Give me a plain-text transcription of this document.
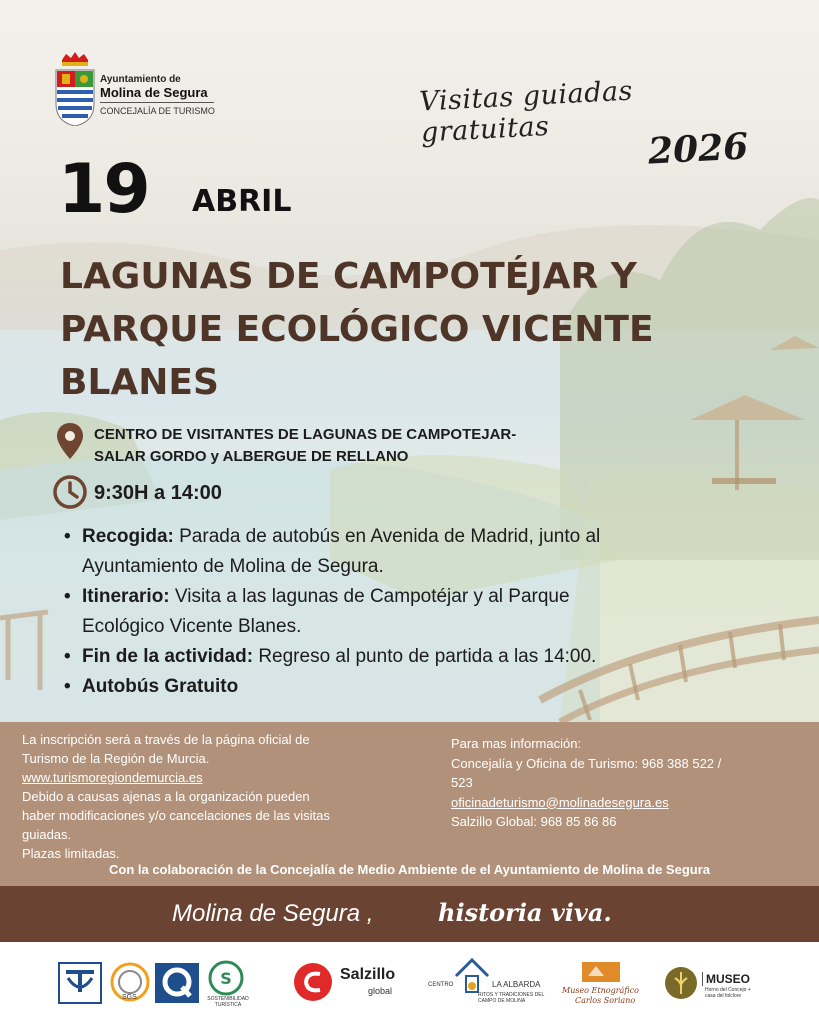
Ayuntamiento de
Molina de Segura
CONCEJALÍA DE TURISMO	Visitas guiadas gratuitas	2026
19 ABRIL
LAGUNAS DE CAMPOTÉJAR Y
PARQUE ECOLÓGICO VICENTE
BLANES
CENTRO DE VISITANTES DE LAGUNAS DE CAMPOTEJAR-
SALAR GORDO y ALBERGUE DE RELLANO
9:30H a 14:00
• Recogida: Parada de autobús en Avenida de Madrid, junto al
Ayuntamiento de Molina de Segura.
• Itinerario: Visita a las lagunas de Campotéjar y al Parque
Ecológico Vicente Blanes.
• Fin de la actividad: Regreso al punto de partida a las 14:00.
• Autobús Gratuito
La inscripción será a través de la página oficial de
Turismo de la Región de Murcia.
www.turismoregiondemurcia.es
Debido a causas ajenas a la organización pueden
haber modificaciones y/o cancelaciones de las visitas
guiadas.
Plazas limitadas.
Para mas información:
Concejalía y Oficina de Turismo: 968 388 522 /
523
oficinadeturismo@molinadesegura.es
Salzillo Global: 968 85 86 86
Con la colaboración de la Concejalía de Medio Ambiente de el Ayuntamiento de Molina de Segura
Molina de Segura ,	historia viva.
SGS
S
SOSTENIBILIDAD TURÍSTICA
Salzillo
global
CENTRO	LA ALBARDA
RITOS Y TRADICIONES DEL CAMPO DE MOLINA
Museo Etnográfico
Carlos Soriano
MUSEO
Horno del Concejo + casa del folclore
